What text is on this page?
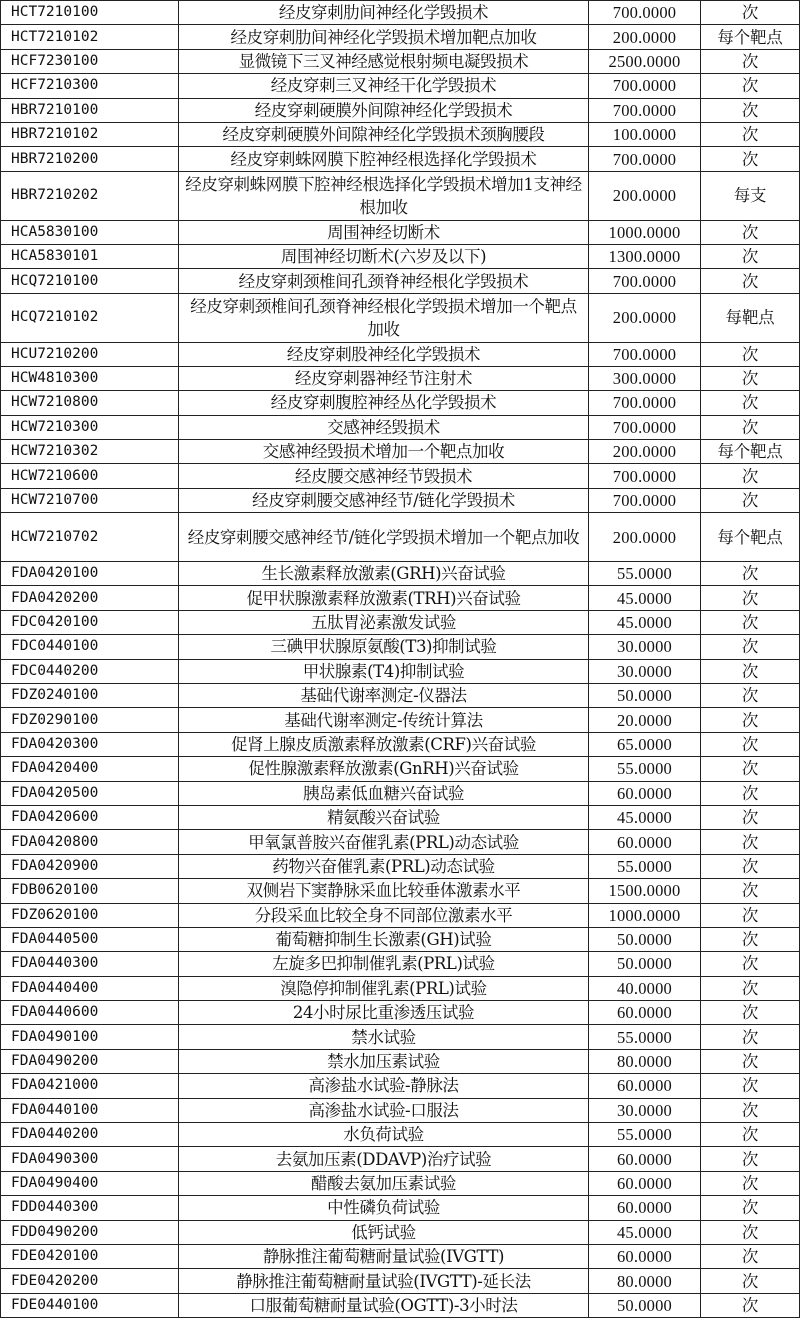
HCT7210100	经皮穿刺肋间神经化学毁损术	700.0000	次
HCT7210102	经皮穿刺肋间神经化学毁损术增加靶点加收	200.0000	每个靶点
HCF7230100	显微镜下三叉神经感觉根射频电凝毁损术	2500.0000	次
HCF7210300	经皮穿刺三叉神经干化学毁损术	700.0000	次
HBR7210100	经皮穿刺硬膜外间隙神经化学毁损术	700.0000	次
HBR7210102	经皮穿刺硬膜外间隙神经化学毁损术颈胸腰段	100.0000	次
HBR7210200	经皮穿刺蛛网膜下腔神经根选择化学毁损术	700.0000	次
HBR7210202	经皮穿刺蛛网膜下腔神经根选择化学毁损术增加1支神经根加收	200.0000	每支
HCA5830100	周围神经切断术	1000.0000	次
HCA5830101	周围神经切断术(六岁及以下)	1300.0000	次
HCQ7210100	经皮穿刺颈椎间孔颈脊神经根化学毁损术	700.0000	次
HCQ7210102	经皮穿刺颈椎间孔颈脊神经根化学毁损术增加一个靶点加收	200.0000	每靶点
HCU7210200	经皮穿刺股神经化学毁损术	700.0000	次
HCW4810300	经皮穿刺器神经节注射术	300.0000	次
HCW7210800	经皮穿刺腹腔神经丛化学毁损术	700.0000	次
HCW7210300	交感神经毁损术	700.0000	次
HCW7210302	交感神经毁损术增加一个靶点加收	200.0000	每个靶点
HCW7210600	经皮腰交感神经节毁损术	700.0000	次
HCW7210700	经皮穿刺腰交感神经节/链化学毁损术	700.0000	次
HCW7210702	经皮穿刺腰交感神经节/链化学毁损术增加一个靶点加收	200.0000	每个靶点
FDA0420100	生长激素释放激素(GRH)兴奋试验	55.0000	次
FDA0420200	促甲状腺激素释放激素(TRH)兴奋试验	45.0000	次
FDC0420100	五肽胃泌素激发试验	45.0000	次
FDC0440100	三碘甲状腺原氨酸(T3)抑制试验	30.0000	次
FDC0440200	甲状腺素(T4)抑制试验	30.0000	次
FDZ0240100	基础代谢率测定-仪器法	50.0000	次
FDZ0290100	基础代谢率测定-传统计算法	20.0000	次
FDA0420300	促肾上腺皮质激素释放激素(CRF)兴奋试验	65.0000	次
FDA0420400	促性腺激素释放激素(GnRH)兴奋试验	55.0000	次
FDA0420500	胰岛素低血糖兴奋试验	60.0000	次
FDA0420600	精氨酸兴奋试验	45.0000	次
FDA0420800	甲氧氯普胺兴奋催乳素(PRL)动态试验	60.0000	次
FDA0420900	药物兴奋催乳素(PRL)动态试验	55.0000	次
FDB0620100	双侧岩下窦静脉采血比较垂体激素水平	1500.0000	次
FDZ0620100	分段采血比较全身不同部位激素水平	1000.0000	次
FDA0440500	葡萄糖抑制生长激素(GH)试验	50.0000	次
FDA0440300	左旋多巴抑制催乳素(PRL)试验	50.0000	次
FDA0440400	溴隐停抑制催乳素(PRL)试验	40.0000	次
FDA0440600	24小时尿比重渗透压试验	60.0000	次
FDA0490100	禁水试验	55.0000	次
FDA0490200	禁水加压素试验	80.0000	次
FDA0421000	高渗盐水试验-静脉法	60.0000	次
FDA0440100	高渗盐水试验-口服法	30.0000	次
FDA0440200	水负荷试验	55.0000	次
FDA0490300	去氨加压素(DDAVP)治疗试验	60.0000	次
FDA0490400	醋酸去氨加压素试验	60.0000	次
FDD0440300	中性磷负荷试验	60.0000	次
FDD0490200	低钙试验	45.0000	次
FDE0420100	静脉推注葡萄糖耐量试验(IVGTT)	60.0000	次
FDE0420200	静脉推注葡萄糖耐量试验(IVGTT)-延长法	80.0000	次
FDE0440100	口服葡萄糖耐量试验(OGTT)-3小时法	50.0000	次
